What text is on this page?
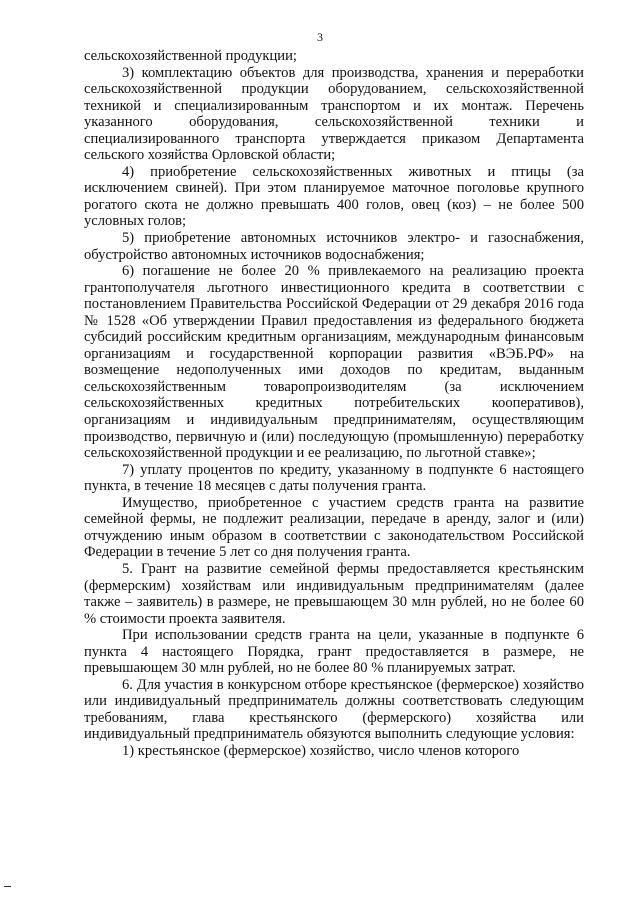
3

сельскохозяйственной продукции;

3) комплектацию объектов для производства, хранения и переработки сельскохозяйственной продукции оборудованием, сельскохозяйственной техникой и специализированным транспортом и их монтаж. Перечень указанного оборудования, сельскохозяйственной техники и специализированного транспорта утверждается приказом Департамента сельского хозяйства Орловской области;

4) приобретение сельскохозяйственных животных и птицы (за исключением свиней). При этом планируемое маточное поголовье крупного рогатого скота не должно превышать 400 голов, овец (коз) – не более 500 условных голов;

5) приобретение автономных источников электро- и газоснабжения, обустройство автономных источников водоснабжения;

6) погашение не более 20 % привлекаемого на реализацию проекта грантополучателя льготного инвестиционного кредита в соответствии с постановлением Правительства Российской Федерации от 29 декабря 2016 года № 1528 «Об утверждении Правил предоставления из федерального бюджета субсидий российским кредитным организациям, международным финансовым организациям и государственной корпорации развития «ВЭБ.РФ» на возмещение недополученных ими доходов по кредитам, выданным сельскохозяйственным товаропроизводителям (за исключением сельскохозяйственных кредитных потребительских кооперативов), организациям и индивидуальным предпринимателям, осуществляющим производство, первичную и (или) последующую (промышленную) переработку сельскохозяйственной продукции и ее реализацию, по льготной ставке»;

7) уплату процентов по кредиту, указанному в подпункте 6 настоящего пункта, в течение 18 месяцев с даты получения гранта.

Имущество, приобретенное с участием средств гранта на развитие семейной фермы, не подлежит реализации, передаче в аренду, залог и (или) отчуждению иным образом в соответствии с законодательством Российской Федерации в течение 5 лет со дня получения гранта.

5. Грант на развитие семейной фермы предоставляется крестьянским (фермерским) хозяйствам или индивидуальным предпринимателям (далее также – заявитель) в размере, не превышающем 30 млн рублей, но не более 60 % стоимости проекта заявителя.

При использовании средств гранта на цели, указанные в подпункте 6 пункта 4 настоящего Порядка, грант предоставляется в размере, не превышающем 30 млн рублей, но не более 80 % планируемых затрат.

6. Для участия в конкурсном отборе крестьянское (фермерское) хозяйство или индивидуальный предприниматель должны соответствовать следующим требованиям, глава крестьянского (фермерского) хозяйства или индивидуальный предприниматель обязуются выполнить следующие условия:

1) крестьянское (фермерское) хозяйство, число членов которого
